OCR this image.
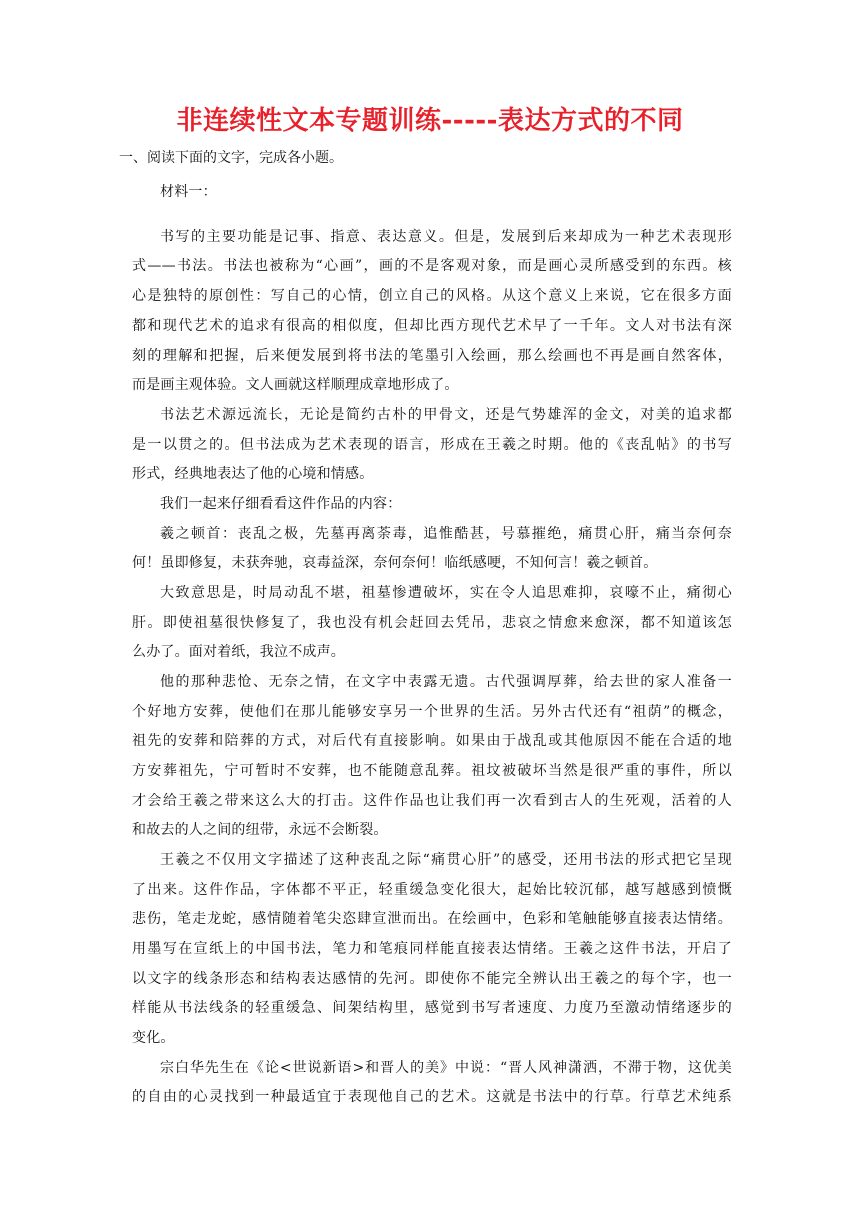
非连续性文本专题训练-----表达方式的不同
一、阅读下面的文字，完成各小题。
材料一：
书写的主要功能是记事、指意、表达意义。但是，发展到后来却成为一种艺术表现形
式——书法。书法也被称为“心画”，画的不是客观对象，而是画心灵所感受到的东西。核
心是独特的原创性：写自己的心情，创立自己的风格。从这个意义上来说，它在很多方面
都和现代艺术的追求有很高的相似度，但却比西方现代艺术早了一千年。文人对书法有深
刻的理解和把握，后来便发展到将书法的笔墨引入绘画，那么绘画也不再是画自然客体，
而是画主观体验。文人画就这样顺理成章地形成了。
书法艺术源远流长，无论是简约古朴的甲骨文，还是气势雄浑的金文，对美的追求都
是一以贯之的。但书法成为艺术表现的语言，形成在王羲之时期。他的《丧乱帖》的书写
形式，经典地表达了他的心境和情感。
我们一起来仔细看看这件作品的内容：
羲之顿首：丧乱之极，先墓再离荼毒，追惟酷甚，号慕摧绝，痛贯心肝，痛当奈何奈
何！虽即修复，未获奔驰，哀毒益深，奈何奈何！临纸感哽，不知何言！羲之顿首。
大致意思是，时局动乱不堪，祖墓惨遭破坏，实在令人追思难抑，哀嚎不止，痛彻心
肝。即使祖墓很快修复了，我也没有机会赶回去凭吊，悲哀之情愈来愈深，都不知道该怎
么办了。面对着纸，我泣不成声。
他的那种悲怆、无奈之情，在文字中表露无遗。古代强调厚葬，给去世的家人准备一
个好地方安葬，使他们在那儿能够安享另一个世界的生活。另外古代还有“祖荫”的概念，
祖先的安葬和陪葬的方式，对后代有直接影响。如果由于战乱或其他原因不能在合适的地
方安葬祖先，宁可暂时不安葬，也不能随意乱葬。祖坟被破坏当然是很严重的事件，所以
才会给王羲之带来这么大的打击。这件作品也让我们再一次看到古人的生死观，活着的人
和故去的人之间的纽带，永远不会断裂。
王羲之不仅用文字描述了这种丧乱之际“痛贯心肝”的感受，还用书法的形式把它呈现
了出来。这件作品，字体都不平正，轻重缓急变化很大，起始比较沉郁，越写越感到愤慨
悲伤，笔走龙蛇，感情随着笔尖恣肆宣泄而出。在绘画中，色彩和笔触能够直接表达情绪。
用墨写在宣纸上的中国书法，笔力和笔痕同样能直接表达情绪。王羲之这件书法，开启了
以文字的线条形态和结构表达感情的先河。即使你不能完全辨认出王羲之的每个字，也一
样能从书法线条的轻重缓急、间架结构里，感觉到书写者速度、力度乃至激动情绪逐步的
变化。
宗白华先生在《论<世说新语>和晋人的美》中说：“晋人风神潇洒，不滞于物，这优美
的自由的心灵找到一种最适宜于表现他自己的艺术。这就是书法中的行草。行草艺术纯系
